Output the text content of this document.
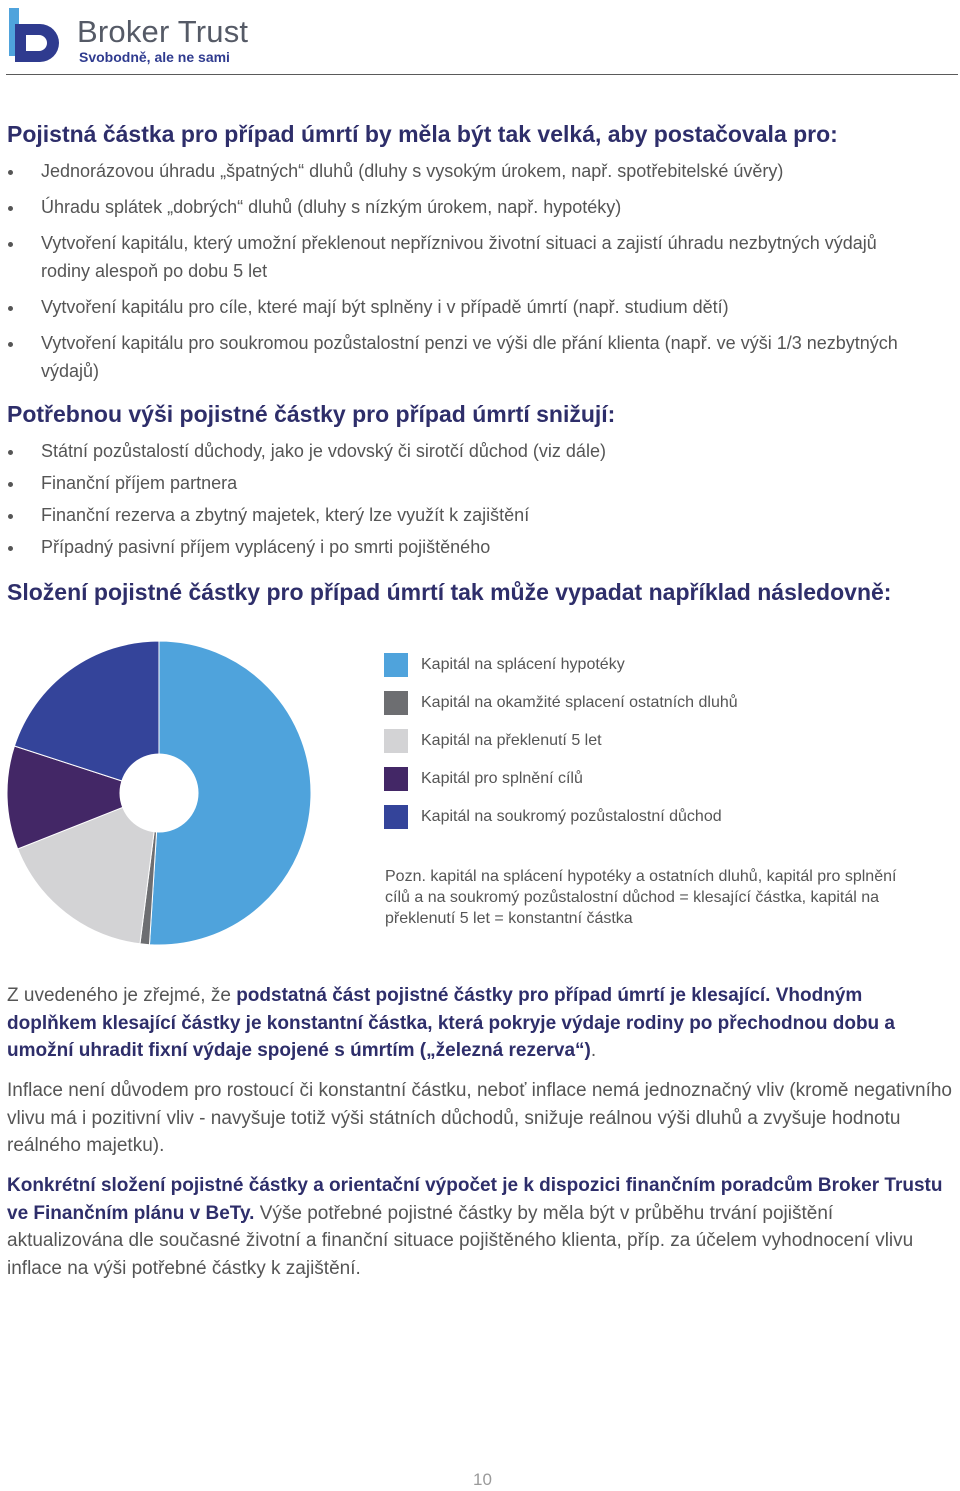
Broker Trust
Svobodně, ale ne sami
Pojistná částka pro případ úmrtí by měla být tak velká, aby postačovala pro:
Jednorázovou úhradu „špatných“ dluhů (dluhy s vysokým úrokem, např. spotřebitelské úvěry)
Úhradu splátek „dobrých“ dluhů (dluhy s nízkým úrokem, např. hypotéky)
Vytvoření kapitálu, který umožní překlenout nepříznivou životní situaci a zajistí úhradu nezbytných výdajů rodiny alespoň po dobu 5 let
Vytvoření kapitálu pro cíle, které mají být splněny i v případě úmrtí (např. studium dětí)
Vytvoření kapitálu pro soukromou pozůstalostní penzi ve výši dle přání klienta (např. ve výši 1/3 nezbytných výdajů)
Potřebnou výši pojistné částky pro případ úmrtí snižují:
Státní pozůstalostí důchody, jako je vdovský či sirotčí důchod (viz dále)
Finanční příjem partnera
Finanční rezerva a zbytný majetek, který lze využít k zajištění
Případný pasivní příjem vyplácený i po smrti pojištěného
Složení pojistné částky pro případ úmrtí tak může vypadat například následovně:
Kapitál na splácení hypotéky
Kapitál na okamžité splacení ostatních dluhů
Kapitál na překlenutí 5 let
Kapitál pro splnění cílů
Kapitál na soukromý pozůstalostní důchod
Pozn. kapitál na splácení hypotéky a ostatních dluhů, kapitál pro splnění cílů a na soukromý pozůstalostní důchod = klesající částka, kapitál na překlenutí 5 let = konstantní částka

Z uvedeného je zřejmé, že podstatná část pojistné částky pro případ úmrtí je klesající. Vhodným doplňkem klesající částky je konstantní částka, která pokryje výdaje rodiny po přechodnou dobu a umožní uhradit fixní výdaje spojené s úmrtím („železná rezerva“).

Inflace není důvodem pro rostoucí či konstantní částku, neboť inflace nemá jednoznačný vliv (kromě negativního vlivu má i pozitivní vliv - navyšuje totiž výši státních důchodů, snižuje reálnou výši dluhů a zvyšuje hodnotu reálného majetku).

Konkrétní složení pojistné částky a orientační výpočet je k dispozici finančním poradcům Broker Trustu ve Finančním plánu v BeTy. Výše potřebné pojistné částky by měla být v průběhu trvání pojištění aktualizována dle současné životní a finanční situace pojištěného klienta, příp. za účelem vyhodnocení vlivu inflace na výši potřebné částky k zajištění.

10
